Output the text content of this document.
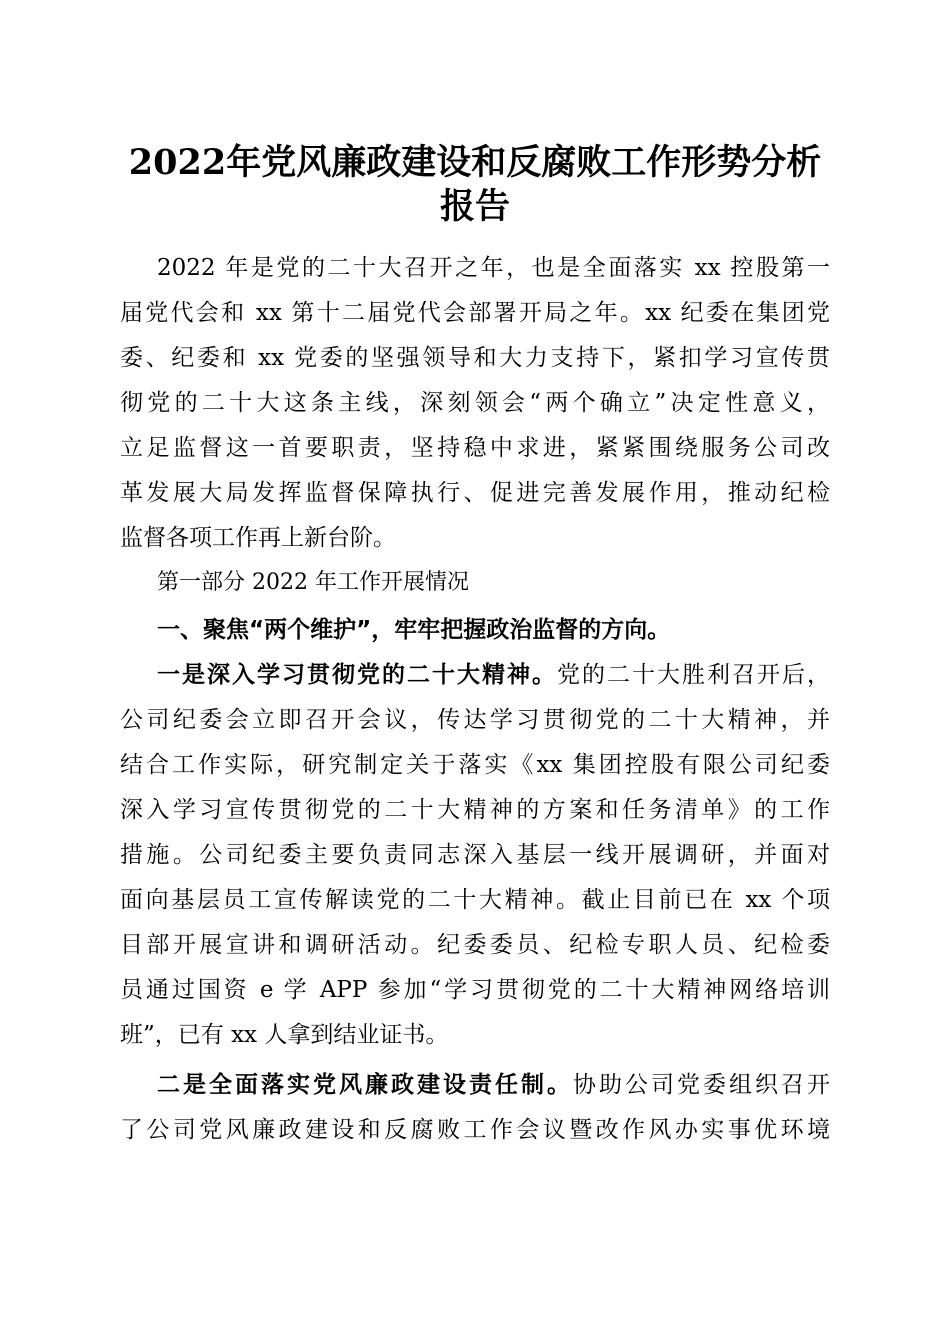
2022年党风廉政建设和反腐败工作形势分析
报告
2022 年是党的二十大召开之年，也是全面落实 xx 控股第一
届党代会和 xx 第十二届党代会部署开局之年。xx 纪委在集团党
委、纪委和 xx 党委的坚强领导和大力支持下，紧扣学习宣传贯
彻党的二十大这条主线，深刻领会“两个确立”决定性意义，
立足监督这一首要职责，坚持稳中求进，紧紧围绕服务公司改
革发展大局发挥监督保障执行、促进完善发展作用，推动纪检
监督各项工作再上新台阶。
第一部分 2022 年工作开展情况
一、聚焦“两个维护”，牢牢把握政治监督的方向。
一是深入学习贯彻党的二十大精神。党的二十大胜利召开后，
公司纪委会立即召开会议，传达学习贯彻党的二十大精神，并
结合工作实际，研究制定关于落实《xx 集团控股有限公司纪委
深入学习宣传贯彻党的二十大精神的方案和任务清单》的工作
措施。公司纪委主要负责同志深入基层一线开展调研，并面对
面向基层员工宣传解读党的二十大精神。截止目前已在 xx 个项
目部开展宣讲和调研活动。纪委委员、纪检专职人员、纪检委
员通过国资 e 学 APP 参加“学习贯彻党的二十大精神网络培训
班”，已有 xx 人拿到结业证书。
二是全面落实党风廉政建设责任制。协助公司党委组织召开
了公司党风廉政建设和反腐败工作会议暨改作风办实事优环境
